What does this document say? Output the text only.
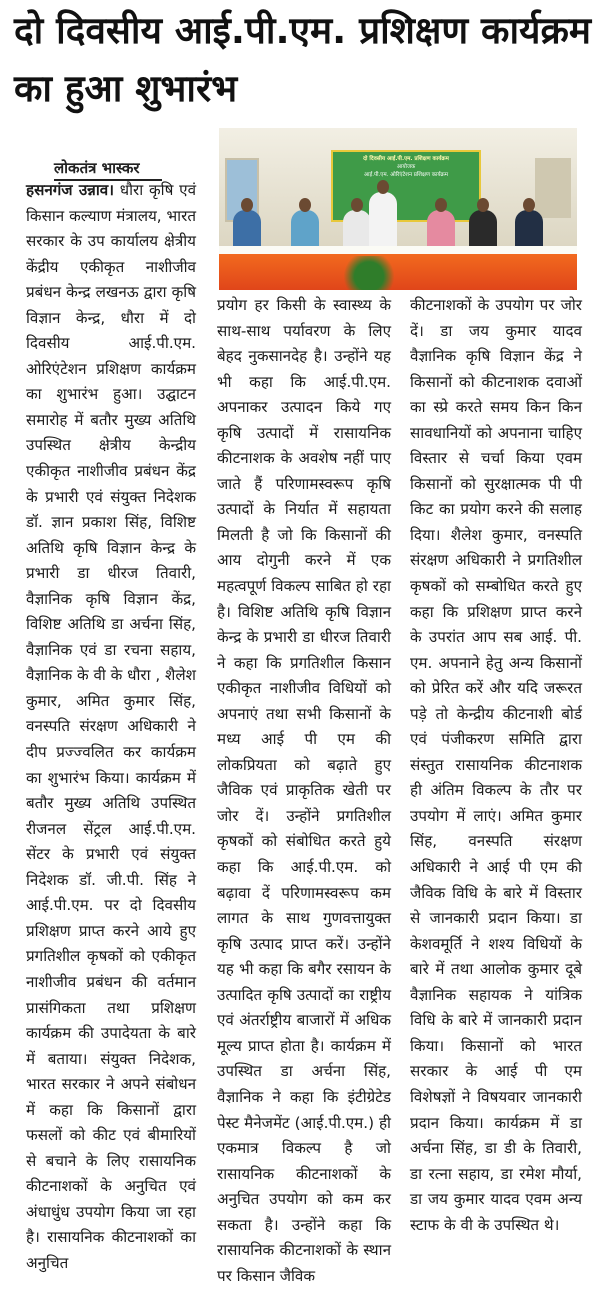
दो दिवसीय आई.पी.एम. प्रशिक्षण कार्यक्रम का हुआ शुभारंभ
लोकतंत्र भास्कर	दो दिवसीय आई.पी.एम. प्रशिक्षण कार्यक्रम
आयोजक
आई.पी.एम. ओरिएंटेशन प्रशिक्षण कार्यक्रम

हसनगंज उन्नाव। धौरा कृषि एवं किसान कल्याण मंत्रालय, भारत सरकार के उप कार्यालय क्षेत्रीय केंद्रीय एकीकृत नाशीजीव प्रबंधन केन्द्र लखनऊ द्वारा कृषि विज्ञान केन्द्र, धौरा में दो दिवसीय आई.पी.एम. ओरिएंटेशन प्रशिक्षण कार्यक्रम का शुभारंभ हुआ। उद्घाटन समारोह में बतौर मुख्य अतिथि उपस्थित क्षेत्रीय केन्द्रीय एकीकृत नाशीजीव प्रबंधन केंद्र के प्रभारी एवं संयुक्त निदेशक डॉ. ज्ञान प्रकाश सिंह, विशिष्ट अतिथि कृषि विज्ञान केन्द्र के प्रभारी डा धीरज तिवारी, वैज्ञानिक कृषि विज्ञान केंद्र, विशिष्ट अतिथि डा अर्चना सिंह, वैज्ञानिक एवं डा रचना सहाय, वैज्ञानिक के वी के धौरा , शैलेश कुमार, अमित कुमार सिंह, वनस्पति संरक्षण अधिकारी ने दीप प्रज्ज्वलित कर कार्यक्रम का शुभारंभ किया। कार्यक्रम में बतौर मुख्य अतिथि उपस्थित रीजनल सेंट्रल आई.पी.एम. सेंटर के प्रभारी एवं संयुक्त निदेशक डॉ. जी.पी. सिंह ने आई.पी.एम. पर दो दिवसीय प्रशिक्षण प्राप्त करने आये हुए प्रगतिशील कृषकों को एकीकृत नाशीजीव प्रबंधन की वर्तमान प्रासंगिकता तथा प्रशिक्षण कार्यक्रम की उपादेयता के बारे में बताया। संयुक्त निदेशक, भारत सरकार ने अपने संबोधन में कहा कि किसानों द्वारा फसलों को कीट एवं बीमारियों से बचाने के लिए रासायनिक कीटनाशकों के अनुचित एवं अंधाधुंध उपयोग किया जा रहा है। रासायनिक कीटनाशकों का अनुचित

प्रयोग हर किसी के स्वास्थ्य के साथ-साथ पर्यावरण के लिए बेहद नुकसानदेह है। उन्होंने यह भी कहा कि आई.पी.एम. अपनाकर उत्पादन किये गए कृषि उत्पादों में रासायनिक कीटनाशक के अवशेष नहीं पाए जाते हैं परिणामस्वरूप कृषि उत्पादों के निर्यात में सहायता मिलती है जो कि किसानों की आय दोगुनी करने में एक महत्वपूर्ण विकल्प साबित हो रहा है। विशिष्ट अतिथि कृषि विज्ञान केन्द्र के प्रभारी डा धीरज तिवारी ने कहा कि प्रगतिशील किसान एकीकृत नाशीजीव विधियों को अपनाएं तथा सभी किसानों के मध्य आई पी एम की लोकप्रियता को बढ़ाते हुए जैविक एवं प्राकृतिक खेती पर जोर दें। उन्होंने प्रगतिशील कृषकों को संबोधित करते हुये कहा कि आई.पी.एम. को बढ़ावा दें परिणामस्वरूप कम लागत के साथ गुणवत्तायुक्त कृषि उत्पाद प्राप्त करें। उन्होंने यह भी कहा कि बगैर रसायन के उत्पादित कृषि उत्पादों का राष्ट्रीय एवं अंतर्राष्ट्रीय बाजारों में अधिक मूल्य प्राप्त होता है। कार्यक्रम में उपस्थित डा अर्चना सिंह, वैज्ञानिक ने कहा कि इंटीग्रेटेड पेस्ट मैनेजमेंट (आई.पी.एम.) ही एकमात्र विकल्प है जो रासायनिक कीटनाशकों के अनुचित उपयोग को कम कर सकता है। उन्होंने कहा कि रासायनिक कीटनाशकों के स्थान पर किसान जैविक

कीटनाशकों के उपयोग पर जोर दें। डा जय कुमार यादव वैज्ञानिक कृषि विज्ञान केंद्र ने किसानों को कीटनाशक दवाओं का स्प्रे करते समय किन किन सावधानियों को अपनाना चाहिए विस्तार से चर्चा किया एवम किसानों को सुरक्षात्मक पी पी किट का प्रयोग करने की सलाह दिया। शैलेश कुमार, वनस्पति संरक्षण अधिकारी ने प्रगतिशील कृषकों को सम्बोधित करते हुए कहा कि प्रशिक्षण प्राप्त करने के उपरांत आप सब आई. पी. एम. अपनाने हेतु अन्य किसानों को प्रेरित करें और यदि जरूरत पड़े तो केन्द्रीय कीटनाशी बोर्ड एवं पंजीकरण समिति द्वारा संस्तुत रासायनिक कीटनाशक ही अंतिम विकल्प के तौर पर उपयोग में लाएं। अमित कुमार सिंह, वनस्पति संरक्षण अधिकारी ने आई पी एम की जैविक विधि के बारे में विस्तार से जानकारी प्रदान किया। डा केशवमूर्ति ने शश्य विधियों के बारे में तथा आलोक कुमार दूबे वैज्ञानिक सहायक ने यांत्रिक विधि के बारे में जानकारी प्रदान किया। किसानों को भारत सरकार के आई पी एम विशेषज्ञों ने विषयवार जानकारी प्रदान किया। कार्यक्रम में डा अर्चना सिंह, डा डी के तिवारी, डा रत्ना सहाय, डा रमेश मौर्या, डा जय कुमार यादव एवम अन्य स्टाफ के वी के उपस्थित थे।
